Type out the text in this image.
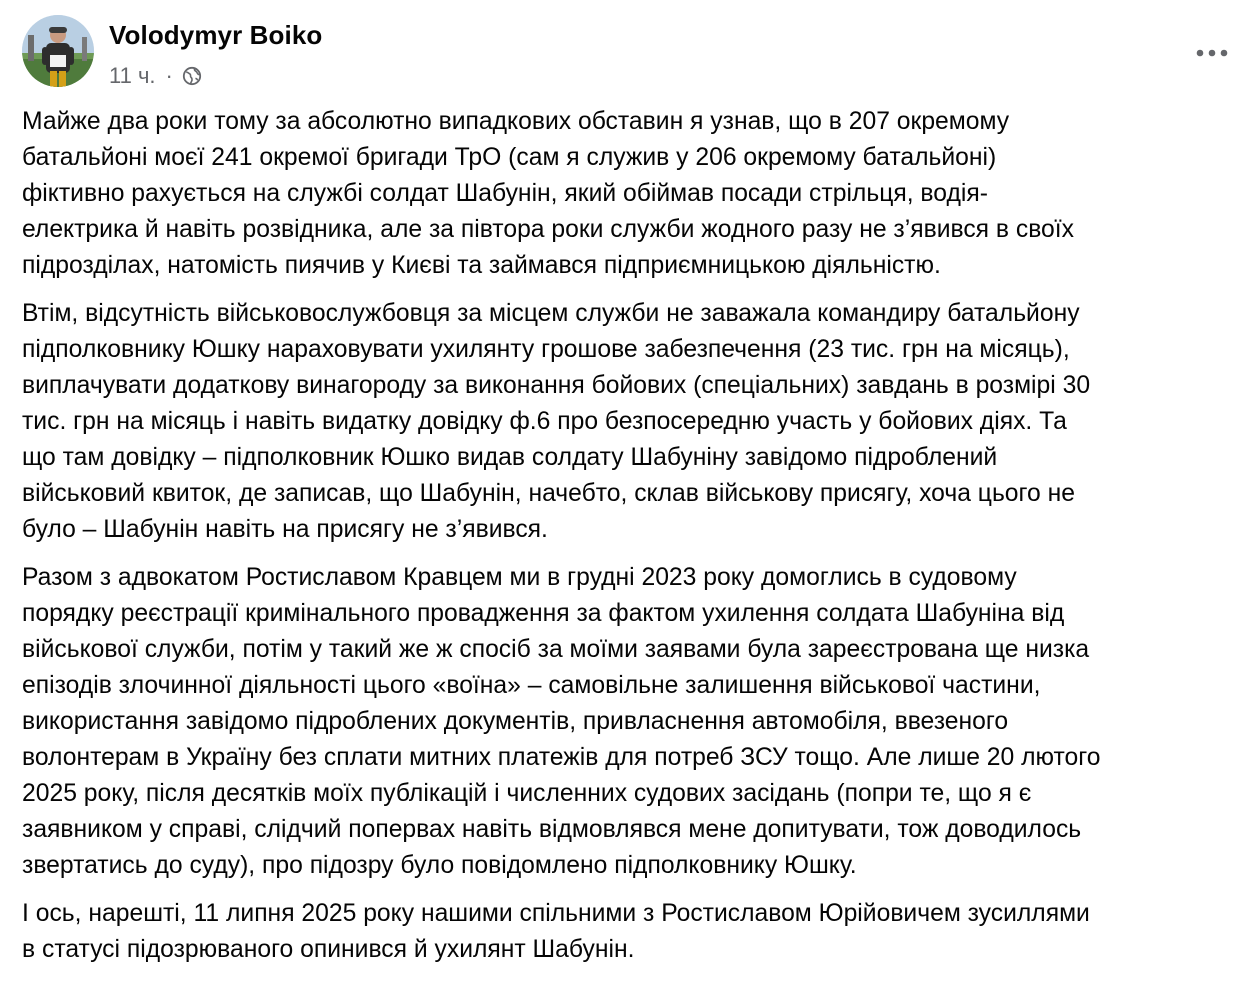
Volodymyr Boiko
11 ч. ·

Майже два роки тому за абсолютно випадкових обставин я узнав, що в 207 окремому
батальйоні моєї 241 окремої бригади ТрО (сам я служив у 206 окремому батальйоні)
фіктивно рахується на службі солдат Шабунін, який обіймав посади стрільця, водія-
електрика й навіть розвідника, але за півтора роки служби жодного разу не з’явився в своїх
підрозділах, натомість пиячив у Києві та займався підприємницькою діяльністю.

Втім, відсутність військовослужбовця за місцем служби не заважала командиру батальйону
підполковнику Юшку нараховувати ухилянту грошове забезпечення (23 тис. грн на місяць),
виплачувати додаткову винагороду за виконання бойових (спеціальних) завдань в розмірі 30
тис. грн на місяць і навіть видатку довідку ф.6 про безпосередню участь у бойових діях. Та
що там довідку – підполковник Юшко видав солдату Шабуніну завідомо підроблений
військовий квиток, де записав, що Шабунін, начебто, склав військову присягу, хоча цього не
було – Шабунін навіть на присягу не з’явився.

Разом з адвокатом Ростиславом Кравцем ми в грудні 2023 року домоглись в судовому
порядку реєстрації кримінального провадження за фактом ухилення солдата Шабуніна від
військової служби, потім у такий же ж спосіб за моїми заявами була зареєстрована ще низка
епізодів злочинної діяльності цього «воїна» – самовільне залишення військової частини,
використання завідомо підроблених документів, привласнення автомобіля, ввезеного
волонтерам в Україну без сплати митних платежів для потреб ЗСУ тощо. Але лише 20 лютого
2025 року, після десятків моїх публікацій і численних судових засідань (попри те, що я є
заявником у справі, слідчий поперваx навіть відмовлявся мене допитувати, тож доводилось
звертатись до суду), про підозру було повідомлено підполковнику Юшку.

І ось, нарешті, 11 липня 2025 року нашими спільними з Ростиславом Юрійовичем зусиллями
в статусі підозрюваного опинився й ухилянт Шабунін.
